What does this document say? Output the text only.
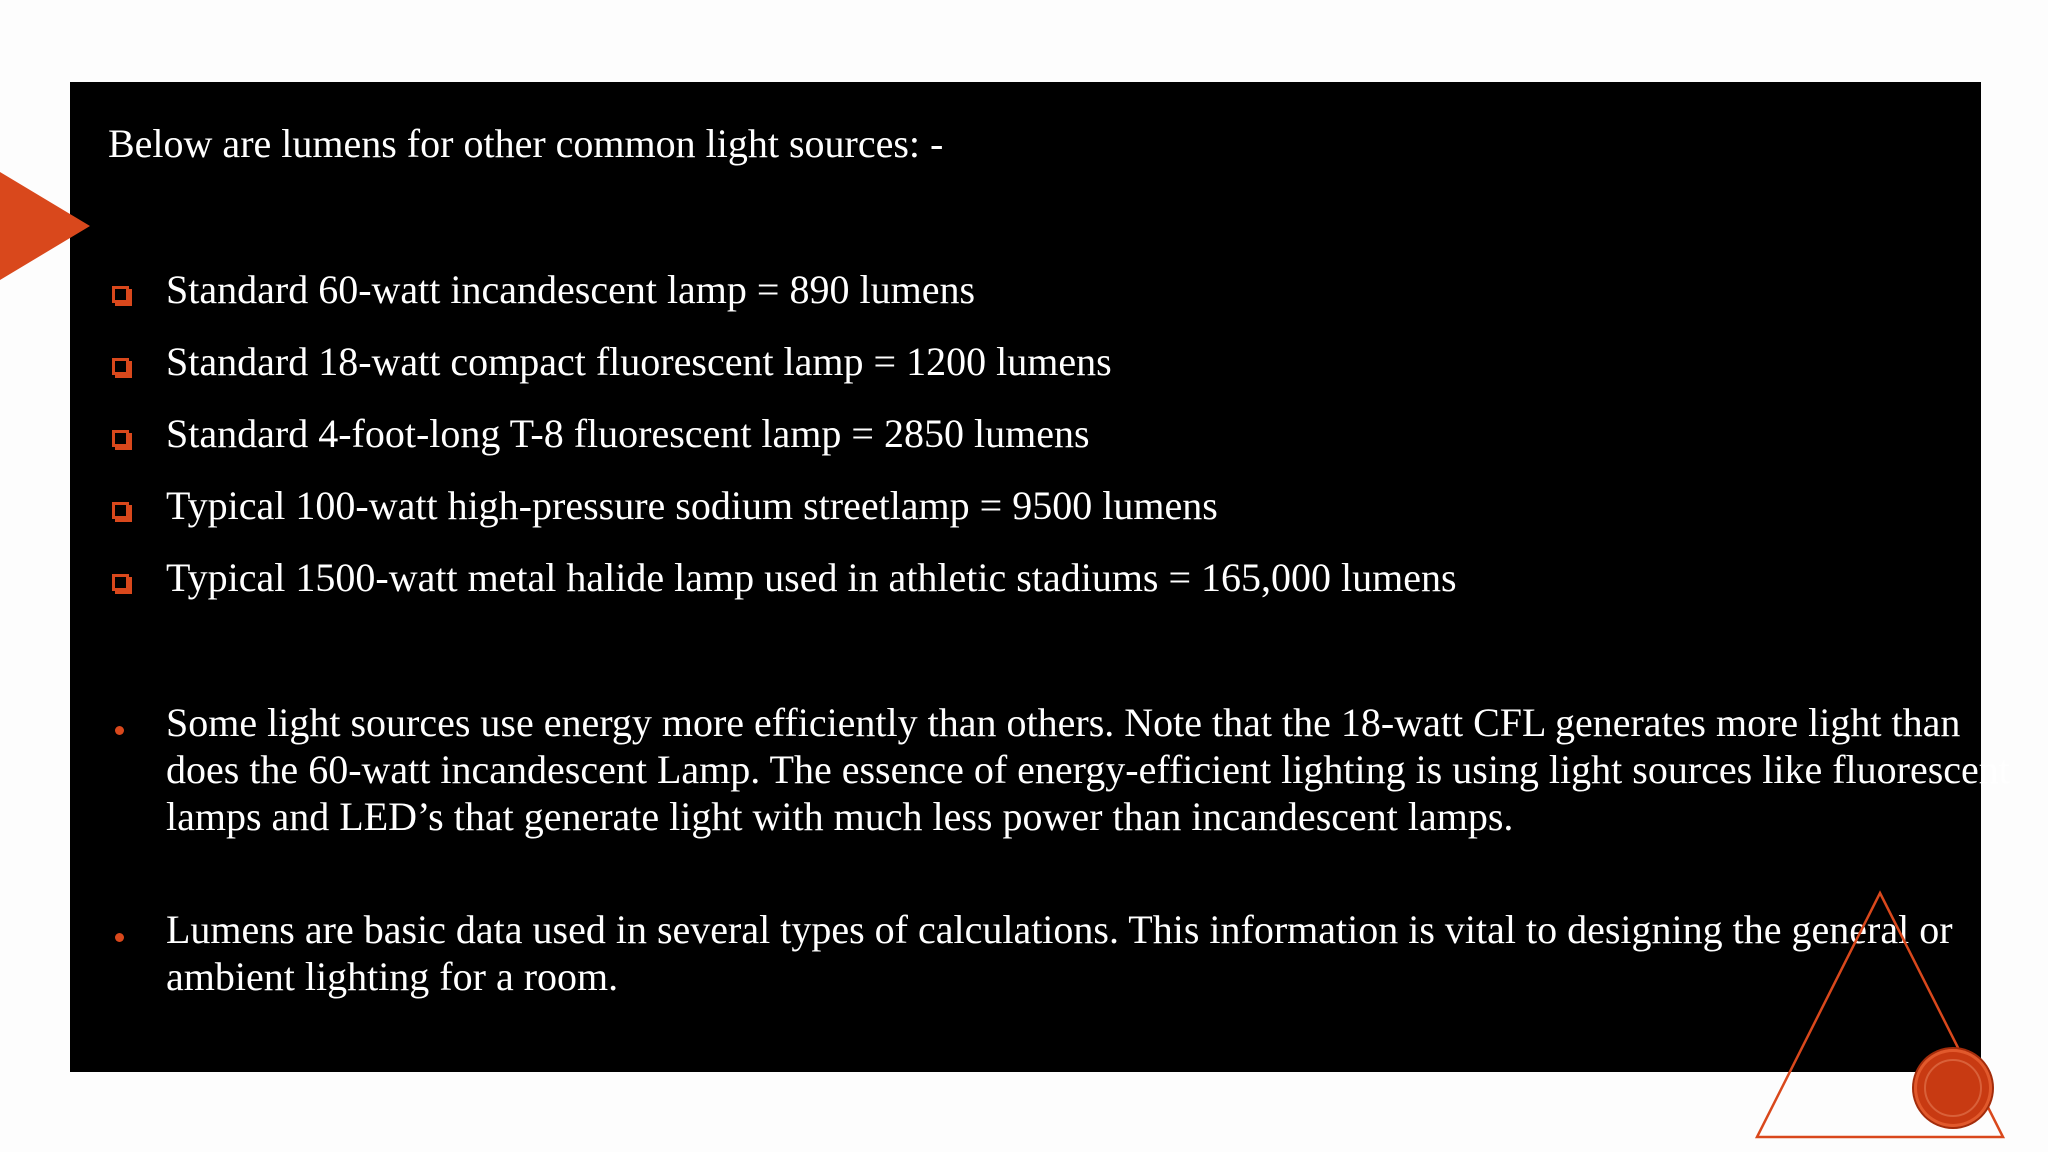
Below are lumens for other common light sources: -
Standard 60-watt incandescent lamp = 890 lumens
Standard 18-watt compact fluorescent lamp = 1200 lumens
Standard 4-foot-long T-8 fluorescent lamp = 2850 lumens
Typical 100-watt high-pressure sodium streetlamp = 9500 lumens
Typical 1500-watt metal halide lamp used in athletic stadiums = 165,000 lumens
Some light sources use energy more efficiently than others. Note that the 18-watt CFL generates more light than does the 60-watt incandescent Lamp. The essence of energy-efficient lighting is using light sources like fluorescent lamps and LED’s that generate light with much less power than incandescent lamps.
Lumens are basic data used in several types of calculations. This information is vital to designing the general or ambient lighting for a room.
